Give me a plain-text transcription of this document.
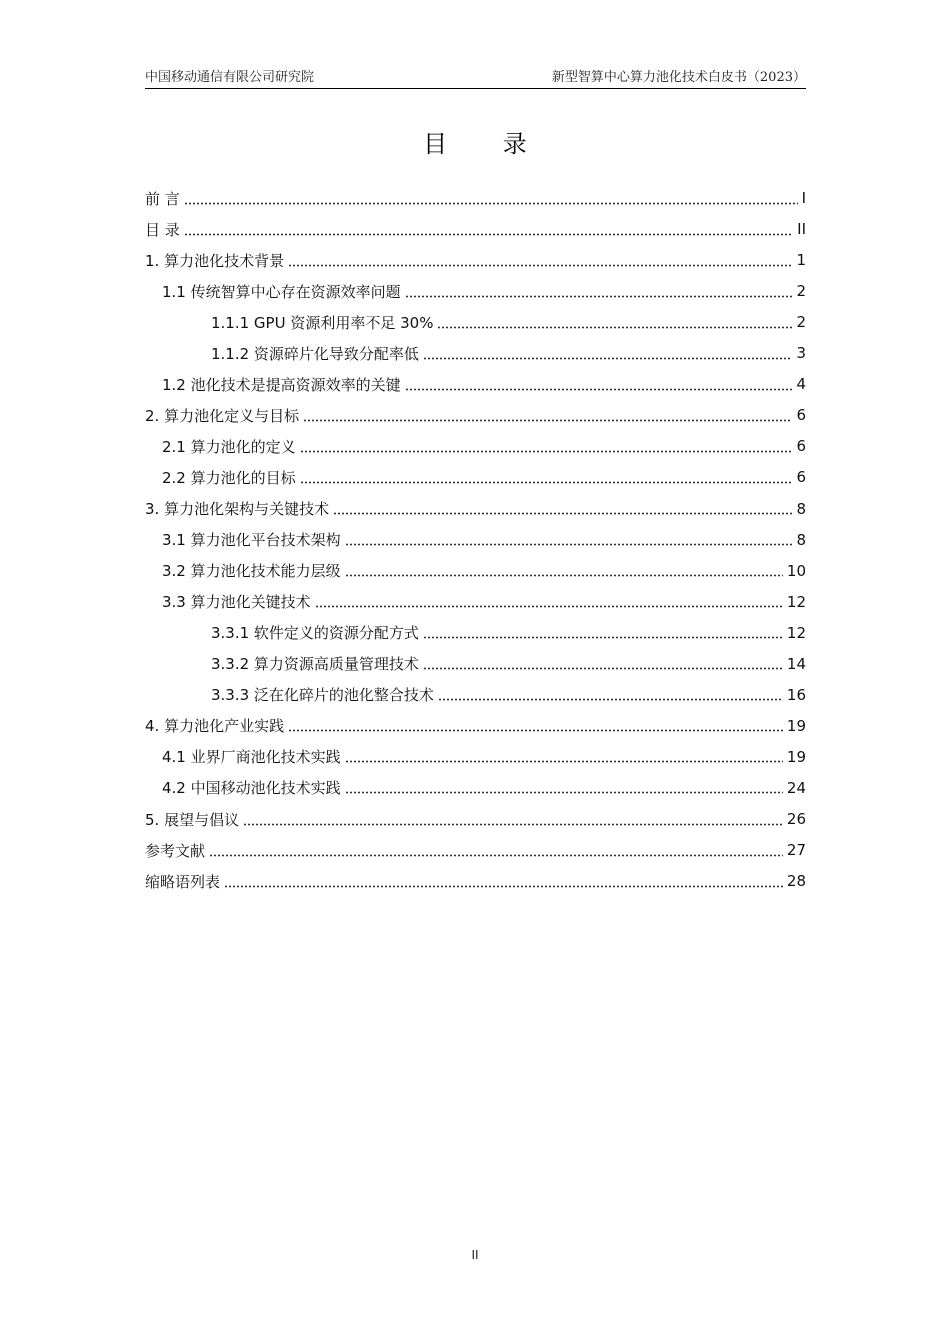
中国移动通信有限公司研究院	新型智算中心算力池化技术白皮书（2023）
目 录
前 言	I
目 录	II
1. 算力池化技术背景	1
1.1 传统智算中心存在资源效率问题	2
1.1.1 GPU 资源利用率不足 30%	2
1.1.2 资源碎片化导致分配率低	3
1.2 池化技术是提高资源效率的关键	4
2. 算力池化定义与目标	6
2.1 算力池化的定义	6
2.2 算力池化的目标	6
3. 算力池化架构与关键技术	8
3.1 算力池化平台技术架构	8
3.2 算力池化技术能力层级	10
3.3 算力池化关键技术	12
3.3.1 软件定义的资源分配方式	12
3.3.2 算力资源高质量管理技术	14
3.3.3 泛在化碎片的池化整合技术	16
4. 算力池化产业实践	19
4.1 业界厂商池化技术实践	19
4.2 中国移动池化技术实践	24
5. 展望与倡议	26
参考文献	27
缩略语列表	28
II
